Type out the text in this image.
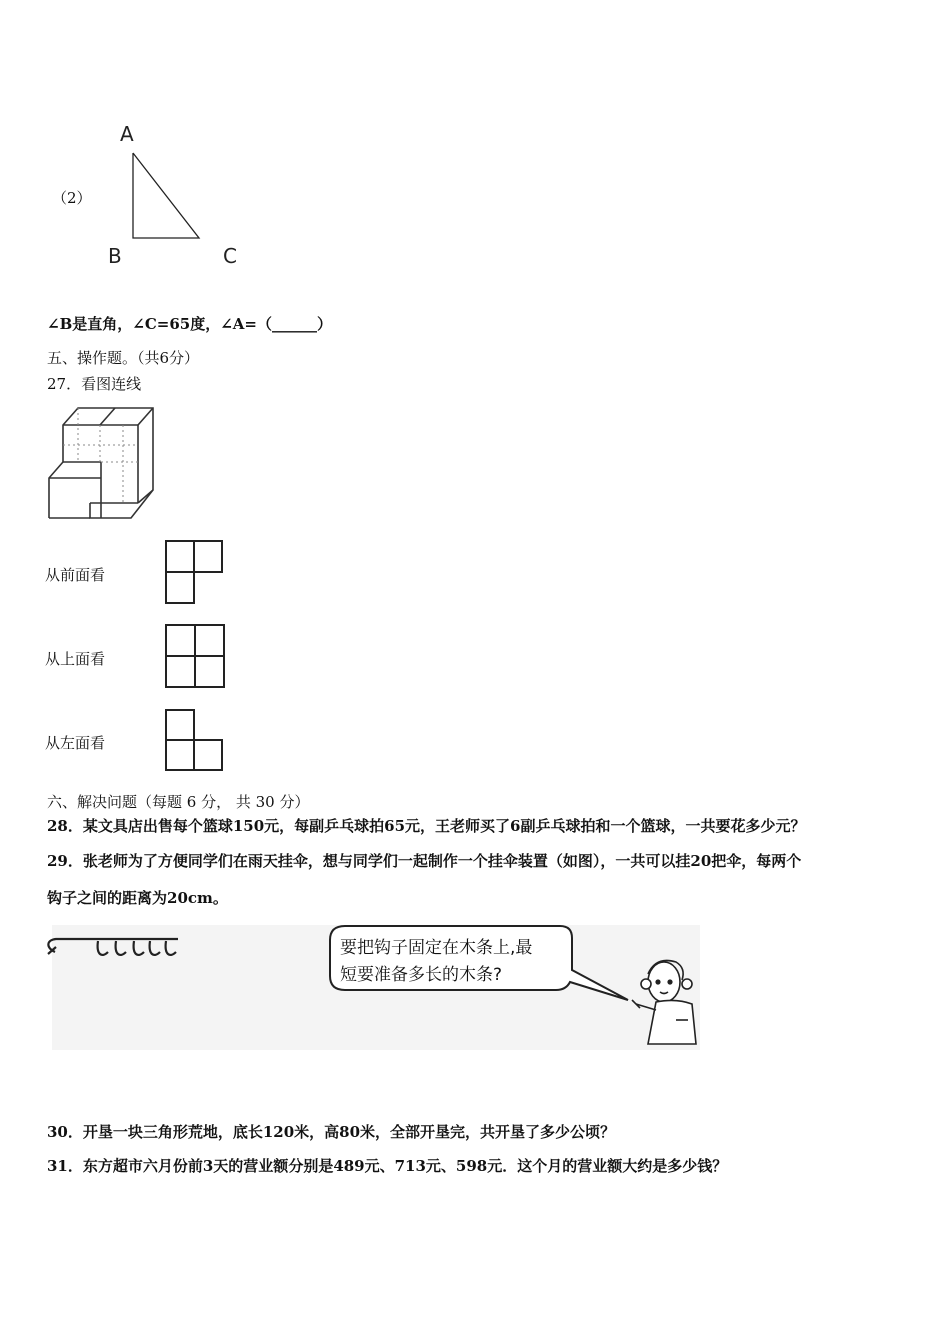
（2）
A
B	C
∠B是直角，∠C=65度，∠A=（______）
五、操作题。（共6分）
27．看图连线
从前面看
从上面看
从左面看
六、解决问题（每题 6 分， 共 30 分）
28．某文具店出售每个篮球150元，每副乒乓球拍65元，王老师买了6副乒乓球拍和一个篮球，一共要花多少元？
29．张老师为了方便同学们在雨天挂伞，想与同学们一起制作一个挂伞装置（如图），一共可以挂20把伞，每两个
钩子之间的距离为20cm。
要把钩子固定在木条上,最
短要准备多长的木条?
30．开垦一块三角形荒地，底长120米，高80米，全部开垦完，共开垦了多少公顷？
31．东方超市六月份前3天的营业额分别是489元、713元、598元．这个月的营业额大约是多少钱？
